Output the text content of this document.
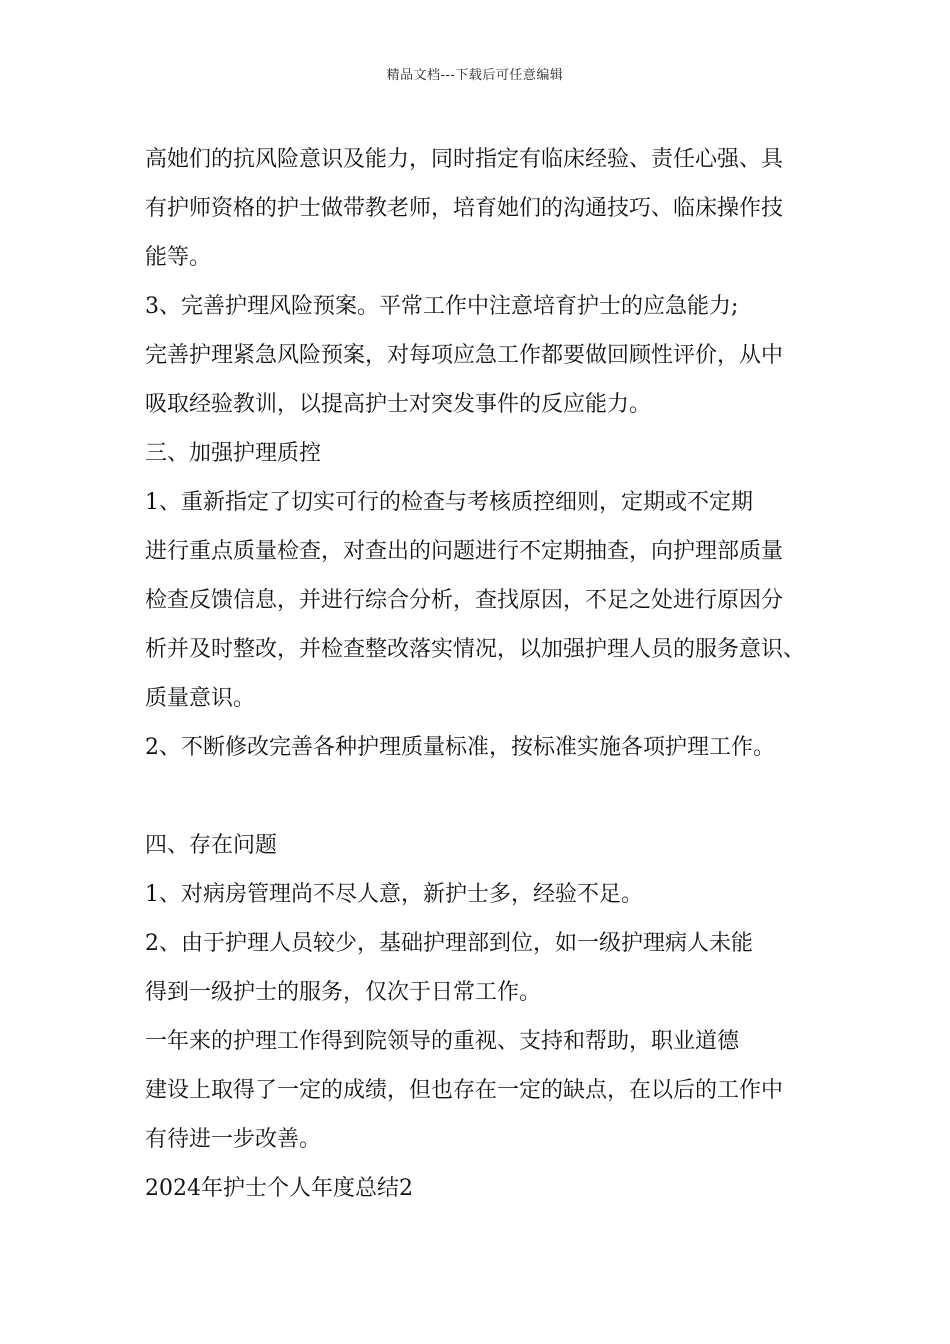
精品文档---下载后可任意编辑
高她们的抗风险意识及能力，同时指定有临床经验、责任心强、具
有护师资格的护士做带教老师，培育她们的沟通技巧、临床操作技
能等。
3、完善护理风险预案。平常工作中注意培育护士的应急能力;
完善护理紧急风险预案，对每项应急工作都要做回顾性评价，从中
吸取经验教训，以提高护士对突发事件的反应能力。
三、加强护理质控
1、重新指定了切实可行的检查与考核质控细则，定期或不定期
进行重点质量检查，对查出的问题进行不定期抽查，向护理部质量
检查反馈信息，并进行综合分析，查找原因，不足之处进行原因分
析并及时整改，并检查整改落实情况，以加强护理人员的服务意识、
质量意识。
2、不断修改完善各种护理质量标准，按标准实施各项护理工作。
四、存在问题
1、对病房管理尚不尽人意，新护士多，经验不足。
2、由于护理人员较少，基础护理部到位，如一级护理病人未能
得到一级护士的服务，仅次于日常工作。
一年来的护理工作得到院领导的重视、支持和帮助，职业道德
建设上取得了一定的成绩，但也存在一定的缺点，在以后的工作中
有待进一步改善。
2024年护士个人年度总结2
